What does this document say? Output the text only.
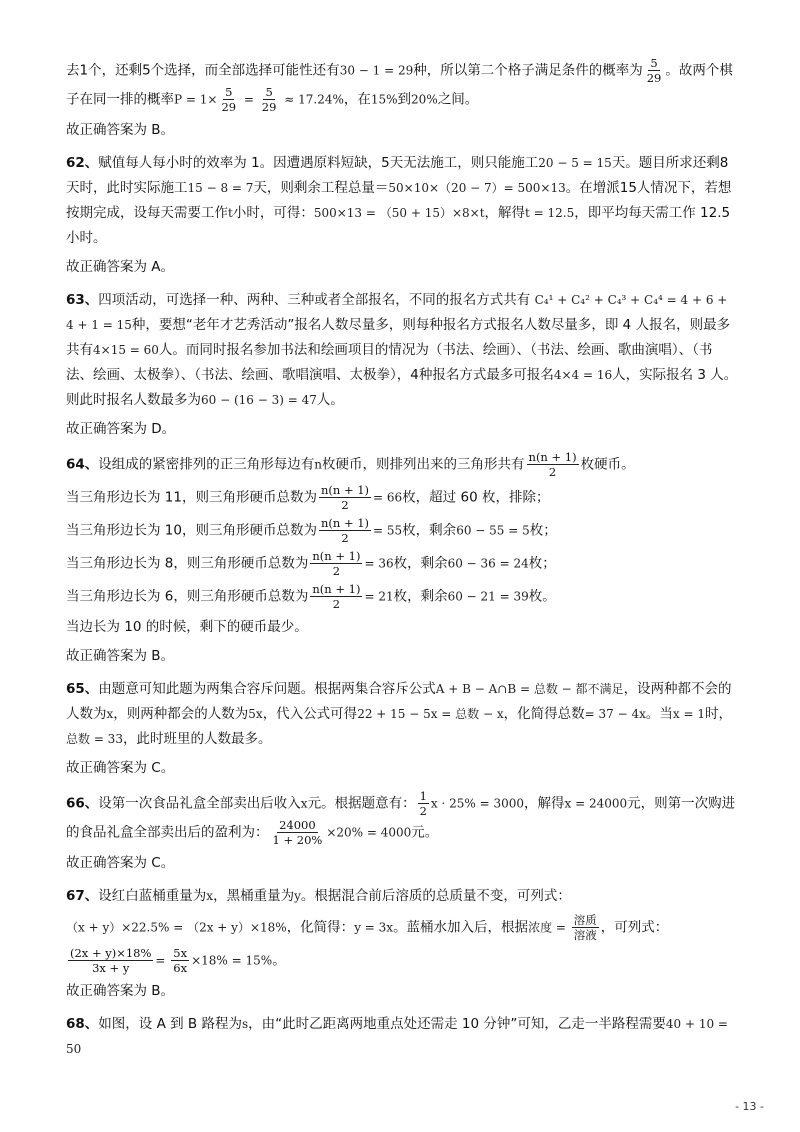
去1个，还剩5个选择，而全部选择可能性还有30 − 1 = 29种，所以第二个格子满足条件的概率为 $\frac{5}{29}$ 。故两个棋子在同一排的概率$P = 1\times \frac{5}{29} = \frac{5}{29} \approx 17.24\%$，在15%到20%之间。
故正确答案为 B。
62、赋值每人每小时的效率为 1。因遭遇原料短缺，5天无法施工，则只能施工20 − 5 = 15天。题目所求还剩8天时，此时实际施工15 − 8 = 7天，则剩余工程总量＝50×10×（20 − 7）= 500×13。在增派15人情况下，若想按期完成，设每天需要工作t小时，可得：500×13 = （50 + 15）×8×t，解得t = 12.5，即平均每天需工作 12.5 小时。
故正确答案为 A。
63、四项活动，可选择一种、两种、三种或者全部报名，不同的报名方式共有 C₄¹ + C₄² + C₄³ + C₄⁴ = 4 + 6 + 4 + 1 = 15种，要想“老年才艺秀活动”报名人数尽量多，则每种报名方式报名人数尽量多，即 4 人报名，则最多共有4×15 = 60人。而同时报名参加书法和绘画项目的情况为（书法、绘画）、（书法、绘画、歌曲演唱）、（书法、绘画、太极拳）、（书法、绘画、歌唱演唱、太极拳），4种报名方式最多可报名4×4 = 16人，实际报名 3 人。则此时报名人数最多为60 − (16 − 3) = 47人。
故正确答案为 D。
64、设组成的紧密排列的正三角形每边有n枚硬币，则排列出来的三角形共有 $\frac{n(n + 1)}{2}$ 枚硬币。
当三角形边长为 11，则三角形硬币总数为 $\frac{n(n + 1)}{2} = 66$枚，超过 60 枚，排除；
当三角形边长为 10，则三角形硬币总数为 $\frac{n(n + 1)}{2} = 55$枚，剩余60 − 55 = 5枚；
当三角形边长为 8，则三角形硬币总数为 $\frac{n(n + 1)}{2} = 36$枚，剩余60 − 36 = 24枚；
当三角形边长为 6，则三角形硬币总数为 $\frac{n(n + 1)}{2} = 21$枚，剩余60 − 21 = 39枚。
当边长为 10 的时候，剩下的硬币最少。
故正确答案为 B。
65、由题意可知此题为两集合容斥问题。根据两集合容斥公式A + B − A∩B = 总数 − 都不满足，设两种都不会的人数为x，则两种都会的人数为5x，代入公式可得22 + 15 − 5x = 总数 − x，化简得总数= 37 − 4x。当x = 1时，总数 = 33，此时班里的人数最多。
故正确答案为 C。
66、设第一次食品礼盒全部卖出后收入x元。根据题意有： $\frac{1}{2}$ x · 25% = 3000，解得x = 24000元，则第一次购进的食品礼盒全部卖出后的盈利为： $\frac{24000}{1 + 20\%} \times 20\% = 4000$元。
故正确答案为 C。
67、设红白蓝桶重量为x，黑桶重量为y。根据混合前后溶质的总质量不变，可列式：
（x + y）×22.5% = （2x + y）×18%，化简得：y = 3x。蓝桶水加入后，根据浓度 = $\frac{\text{溶质}}{\text{溶液}}$ ，可列式：
$\frac{(2x + y)\times 18\%}{3x + y} = \frac{5x}{6x} \times 18\% = 15\%$。
故正确答案为 B。
68、如图，设 A 到 B 路程为s，由“此时乙距离两地重点处还需走 10 分钟”可知，乙走一半路程需要40 + 10 = 50
- 13 -
